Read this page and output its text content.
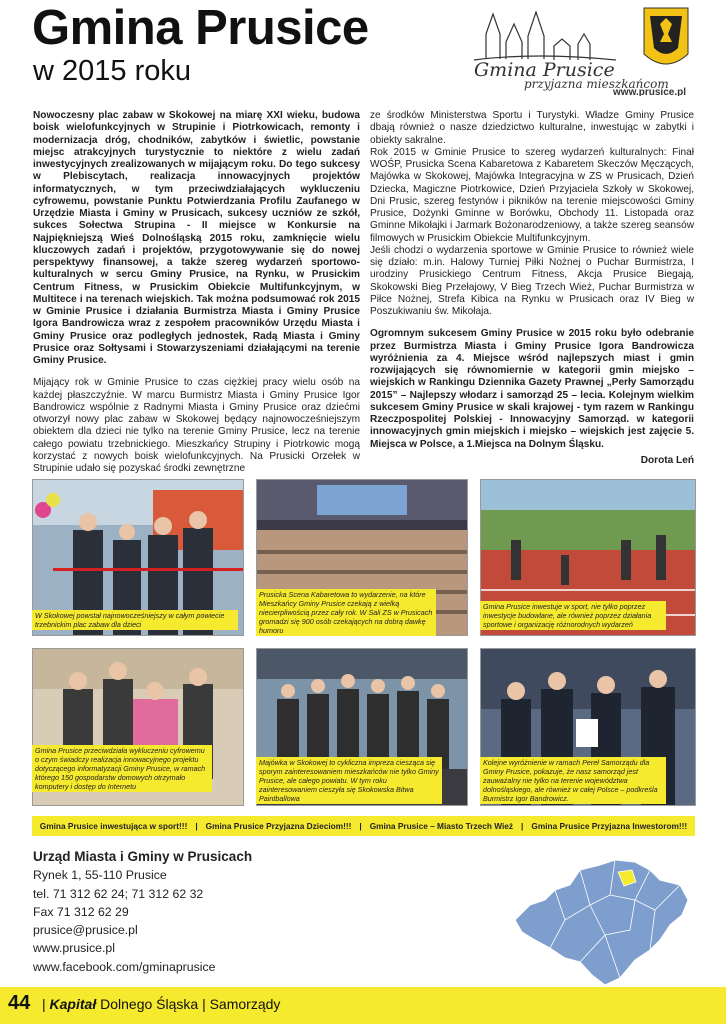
Gmina Prusice
w 2015 roku	Gmina Prusice
przyjazna mieszkańcom
www.prusice.pl

Nowoczesny plac zabaw w Skokowej na miarę XXI wieku, budowa boisk wielofunkcyjnych w Strupinie i Piotrkowicach, remonty i modernizacja dróg, chodników, zabytków i świetlic, powstanie miejsc atrakcyjnych turystycznie to niektóre z wielu zadań inwestycyjnych zrealizowanych w mijającym roku. Do tego sukcesy w Plebiscytach, realizacja innowacyjnych projektów informatycznych, w tym przeciwdziałających wykluczeniu cyfrowemu, powstanie Punktu Potwierdzania Profilu Zaufanego w Urzędzie Miasta i Gminy w Prusicach, sukcesy uczniów ze szkół, sukces Sołectwa Strupina - II miejsce w Konkursie na Najpiękniejszą Wieś Dolnośląską 2015 roku, zamknięcie wielu kluczowych zadań i projektów, przygotowywanie się do nowej perspektywy finansowej, a także szereg wydarzeń sportowo-kulturalnych w sercu Gminy Prusice, na Rynku, w Prusickim Centrum Fitness, w Prusickim Obiekcie Multifunkcyjnym, w Multitece i na terenach wiejskich. Tak można podsumować rok 2015 w Gminie Prusice i działania Burmistrza Miasta i Gminy Prusice Igora Bandrowicza wraz z zespołem pracowników Urzędu Miasta i Gminy Prusice oraz podległych jednostek, Radą Miasta i Gminy Prusice oraz Sołtysami i Stowarzyszeniami działającymi na terenie Gminy Prusice.

Mijający rok w Gminie Prusice to czas ciężkiej pracy wielu osób na każdej płaszczyźnie. W marcu Burmistrz Miasta i Gminy Prusice Igor Bandrowicz wspólnie z Radnymi Miasta i Gminy Prusice oraz dziećmi otworzył nowy plac zabaw w Skokowej będący najnowocześniejszym obiektem dla dzieci nie tylko na terenie Gminy Prusice, lecz na terenie całego powiatu trzebnickiego. Mieszkańcy Strupiny i Piotrkowic mogą korzystać z nowych boisk wielofunkcyjnych. Na Prusicki Orzełek w Strupinie udało się pozyskać środki zewnętrzne

ze środków Ministerstwa Sportu i Turystyki. Władze Gminy Prusice dbają również o nasze dziedzictwo kulturalne, inwestując w zabytki i obiekty sakralne.

Rok 2015 w Gminie Prusice to szereg wydarzeń kulturalnych: Finał WOŚP, Prusicka Scena Kabaretowa z Kabaretem Skeczów Męczących, Majówka w Skokowej, Majówka Integracyjna w ZS w Prusicach, Dzień Dziecka, Magiczne Piotrkowice, Dzień Przyjaciela Szkoły w Skokowej, Dni Prusic, szereg festynów i pikników na terenie miejscowości Gminy Prusice, Dożynki Gminne w Borówku, Obchody 11. Listopada oraz Gminne Mikołajki i Jarmark Bożonarodzeniowy, a także szereg seansów filmowych w Prusickim Obiekcie Multifunkcyjnym.

Jeśli chodzi o wydarzenia sportowe w Gminie Prusice to również wiele się działo: m.in. Halowy Turniej Piłki Nożnej o Puchar Burmistrza, I urodziny Prusickiego Centrum Fitness, Akcja Prusice Biegają, Skokowski Bieg Przełajowy, V Bieg Trzech Wież, Puchar Burmistrza w Piłce Nożnej, Strefa Kibica na Rynku w Prusicach oraz IV Bieg w Poszukiwaniu św. Mikołaja.

Ogromnym sukcesem Gminy Prusice w 2015 roku było odebranie przez Burmistrza Miasta i Gminy Prusice Igora Bandrowicza wyróżnienia za 4. Miejsce wśród najlepszych miast i gmin rozwijających się równomiernie w kategorii gmin miejsko – wiejskich w Rankingu Dziennika Gazety Prawnej „Perły Samorządu 2015” – Najlepszy włodarz i samorząd 25 – lecia. Kolejnym wielkim sukcesem Gminy Prusice w skali krajowej - tym razem w Rankingu Rzeczpospolitej Polskiej - Innowacyjny Samorząd. w kategorii innowacyjnych gmin miejskich i miejsko – wiejskich jest zajęcie 5. Miejsca w Polsce, a 1.Miejsca na Dolnym Śląsku.

Dorota Leń
W Skokowej powstał najnowocześniejszy w całym powiecie trzebnickim plac zabaw dla dzieci
Prusicka Scena Kabaretowa to wydarzenie, na które Mieszkańcy Gminy Prusice czekają z wielką niecierpliwością przez cały rok. W Sali ZS w Prusicach gromadzi się 900 osób czekających na dobrą dawkę humoru
Gmina Prusice inwestuje w sport, nie tylko poprzez inwestycje budowlane, ale również poprzez działania sportowe i organizację różnorodnych wydarzeń
Gmina Prusice przeciwdziała wykluczeniu cyfrowemu o czym świadczy realizacja innowacyjnego projektu dotyczącego informatyzacji Gminy Prusice, w ramach którego 150 gospodarstw domowych otrzymało komputery i dostęp do Internetu
Majówka w Skokowej to cykliczna impreza ciesząca się sporym zainteresowaniem mieszkańców nie tylko Gminy Prusice, ale całego powiatu. W tym roku zainteresowaniem cieszyła się Skokowska Bitwa Paintballowa
Kolejne wyróżnienie w ramach Pereł Samorządu dla Gminy Prusice, pokazuje, że nasz samorząd jest zauważalny nie tylko na terenie województwa dolnośląskiego, ale również w całej Polsce – podkreśla Burmistrz Igor Bandrowicz.
Gmina Prusice inwestująca w sport!!! | Gmina Prusice Przyjazna Dzieciom!!! | Gmina Prusice – Miasto Trzech Wież | Gmina Prusice Przyjazna Inwestorom!!!
Urząd Miasta i Gminy w Prusicach
Rynek 1, 55-110 Prusice
tel. 71 312 62 24; 71 312 62 32
Fax 71 312 62 29
prusice@prusice.pl
www.prusice.pl
www.facebook.com/gminaprusice
44 | Kapitał Dolnego Śląska | Samorządy
